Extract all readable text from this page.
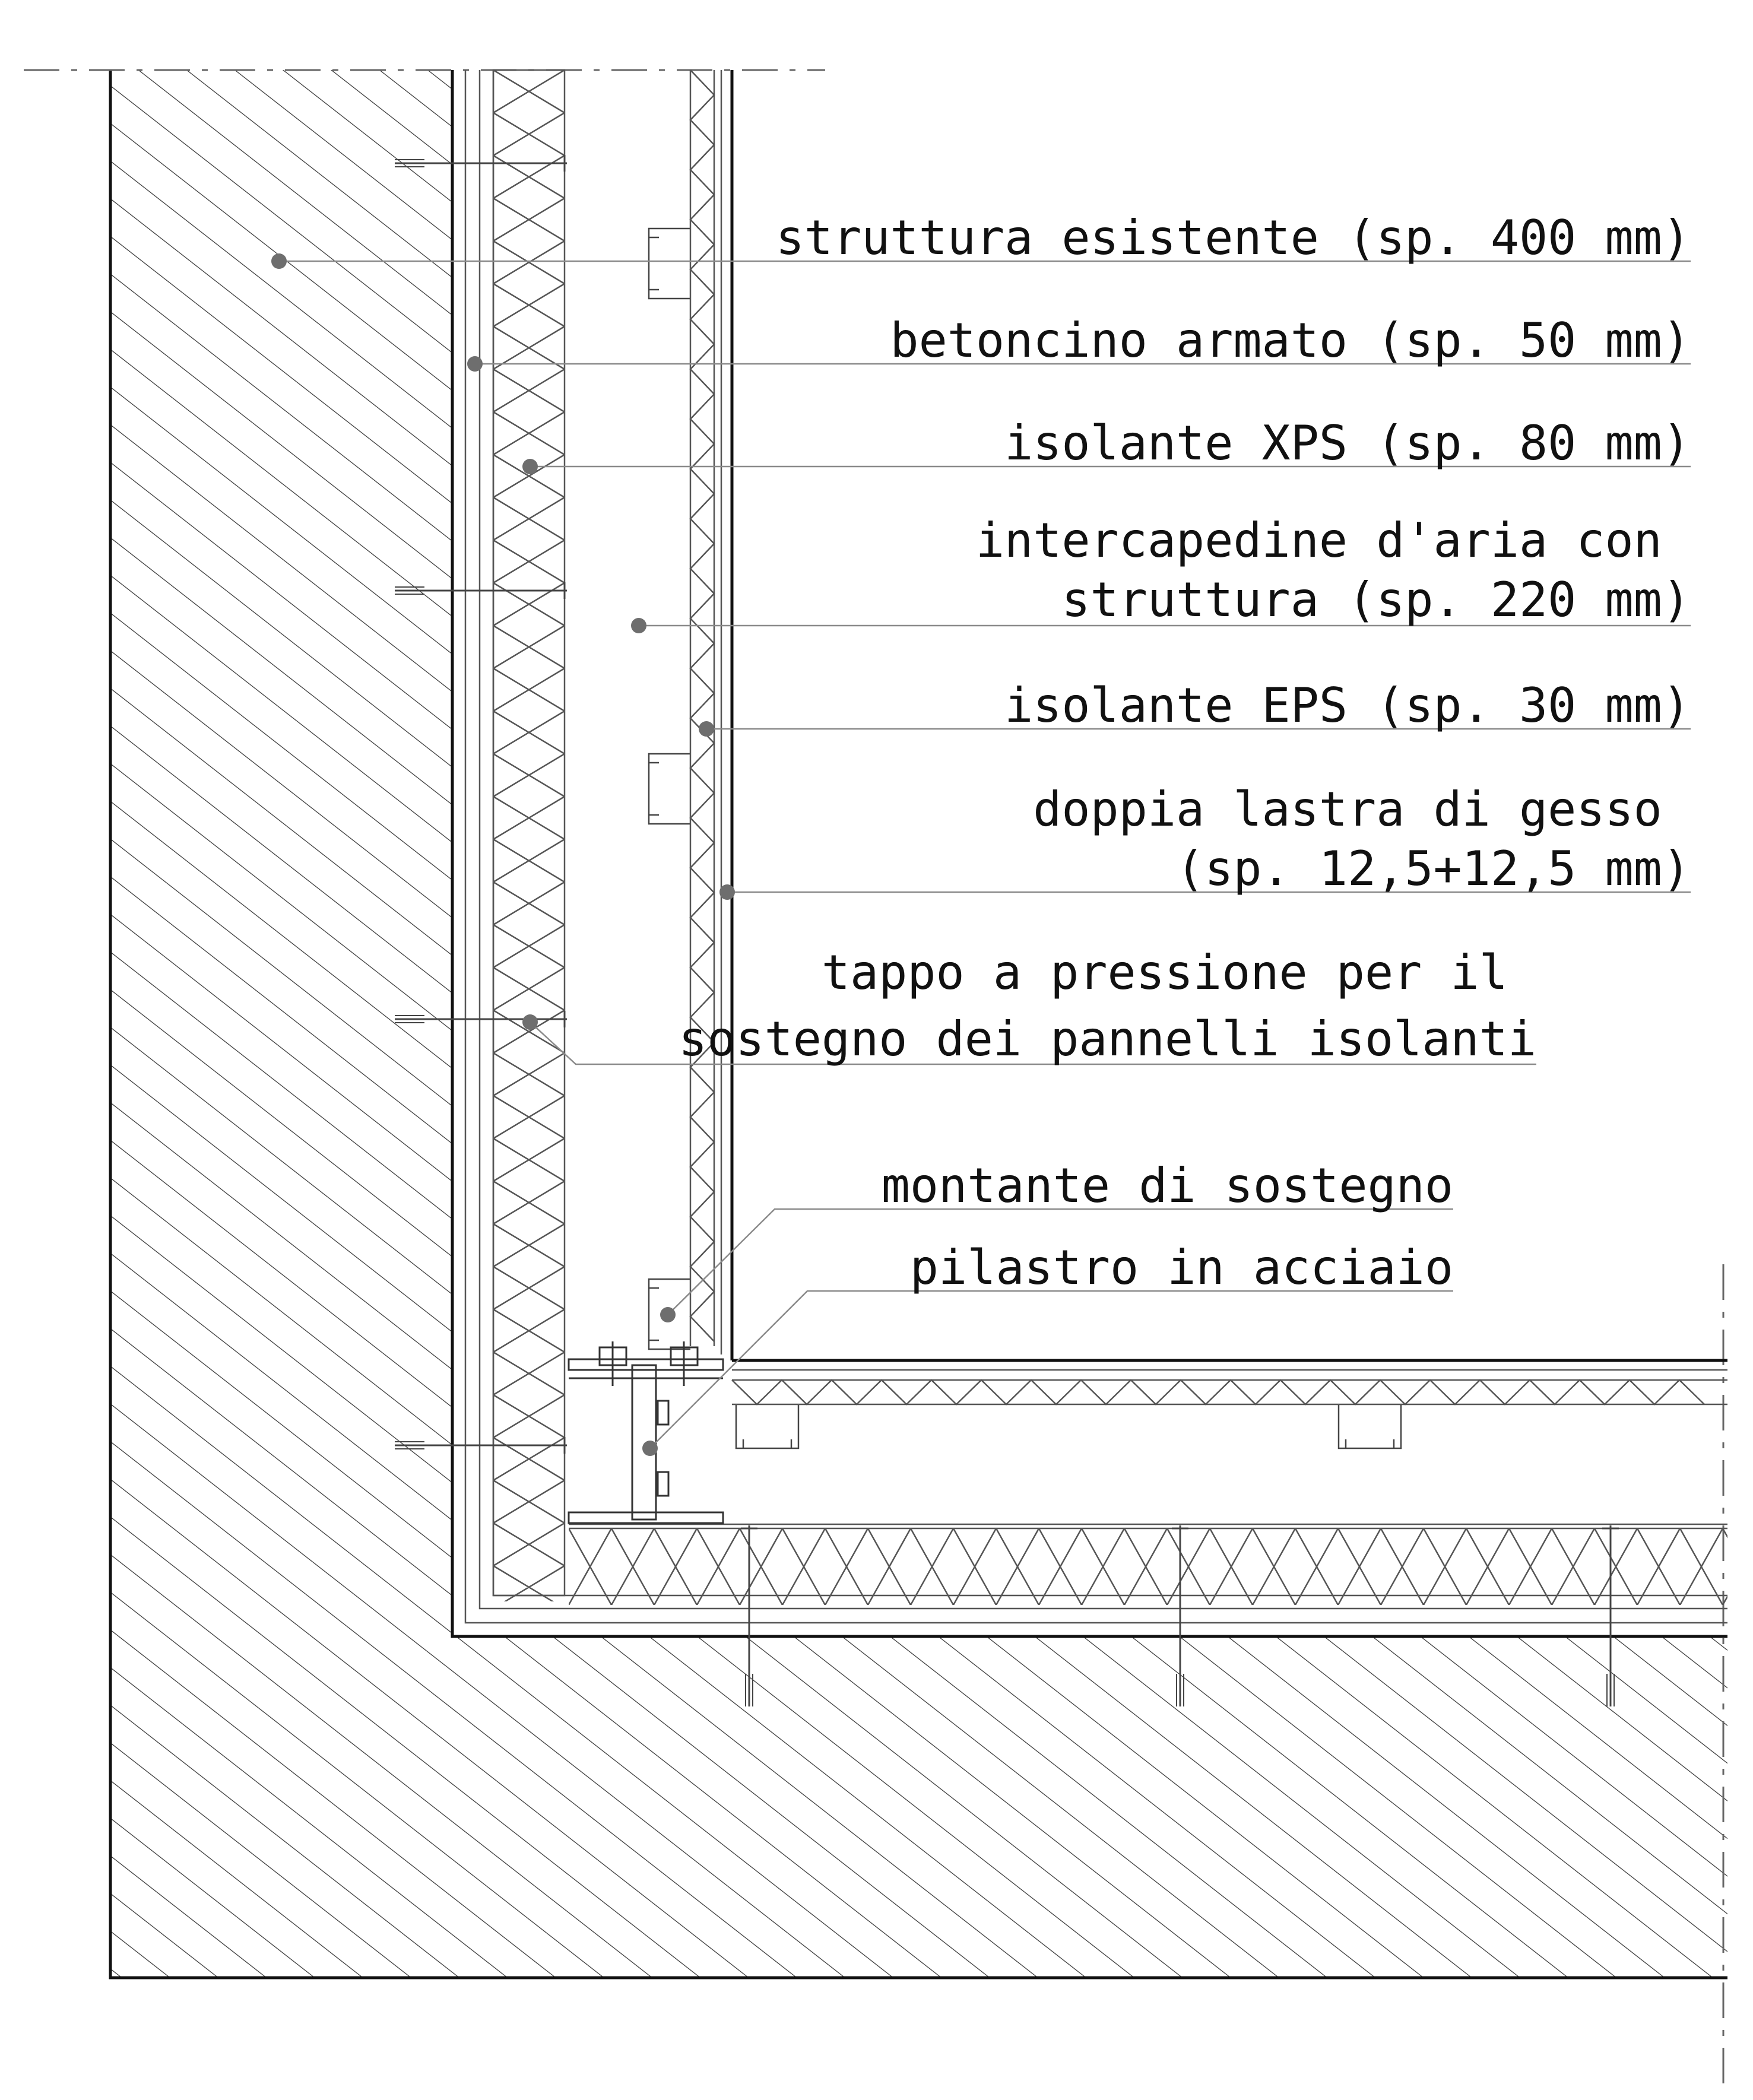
struttura esistente (sp. 400 mm)
betoncino armato (sp. 50 mm)
isolante XPS (sp. 80 mm)
intercapedine d'aria con struttura (sp. 220 mm)
isolante EPS (sp. 30 mm)
doppia lastra di gesso (sp. 12,5+12,5 mm)
tappo a pressione per il sostegno dei pannelli isolanti
montante di sostegno
pilastro in acciaio
